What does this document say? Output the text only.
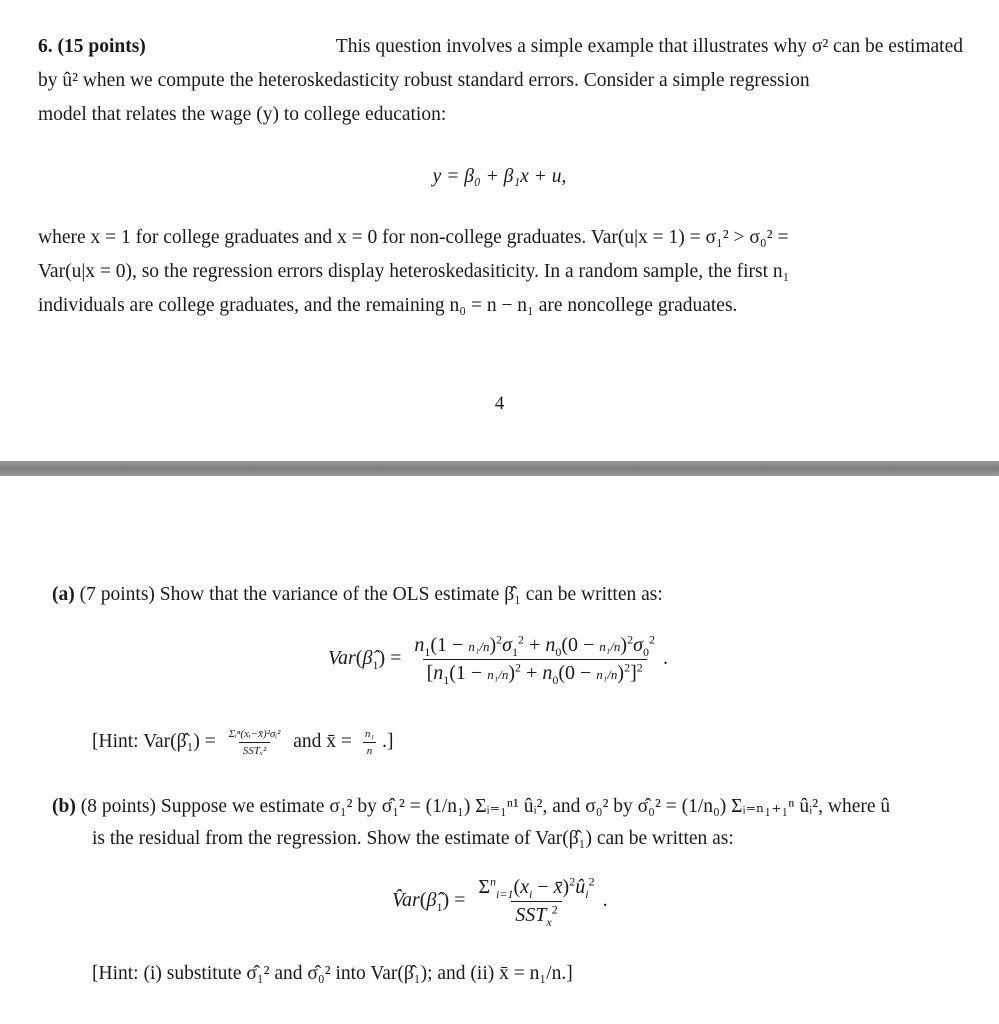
6. (15 points)	This question involves a simple example that illustrates why σ² can be estimated
by û² when we compute the heteroskedasticity robust standard errors. Consider a simple regression
model that relates the wage (y) to college education:
y = β₀ + β₁x + u,
where x = 1 for college graduates and x = 0 for non-college graduates. Var(u|x = 1) = σ₁² > σ₀² =
Var(u|x = 0), so the regression errors display heteroskedasiticity. In a random sample, the first n₁
individuals are college graduates, and the remaining n₀ = n − n₁ are noncollege graduates.
4
(a) (7 points) Show that the variance of the OLS estimate β̂₁ can be written as:
$Var(\betâ_1) = \frac{n_1(1 - n_1/n)^2\sigma_1^2 + n_0(0 - n_1/n)^2\sigma_0^2}{[n_1(1 - n_1/n)^2 + n_0(0 - n_1/n)^2]^2}$ .
[Hint: Var(β̂₁) = $\frac{\text{Σᵢⁿ(xᵢ−x̄)²σᵢ²}}{\text{SSTₓ²}}$ and x̄ = $\frac{\text{n₁}}{n}$ .]
(b) (8 points) Suppose we estimate σ₁² by σ̂₁² = (1/n₁) Σᵢ₌₁ⁿ¹ ûᵢ², and σ₀² by σ̂₀² = (1/n₀) Σᵢ₌ₙ₁₊₁ⁿ ûᵢ², where û
is the residual from the regression. Show the estimate of Var(β̂₁) can be written as:
$V̂ar(\betâ_1) = \frac{\Sigma^n_{i=1}(x_i - x̄)^2û_i^2}{SST_x^2}$ .
[Hint: (i) substitute σ̂₁² and σ̂₀² into Var(β̂₁); and (ii) x̄ = n₁/n.]
